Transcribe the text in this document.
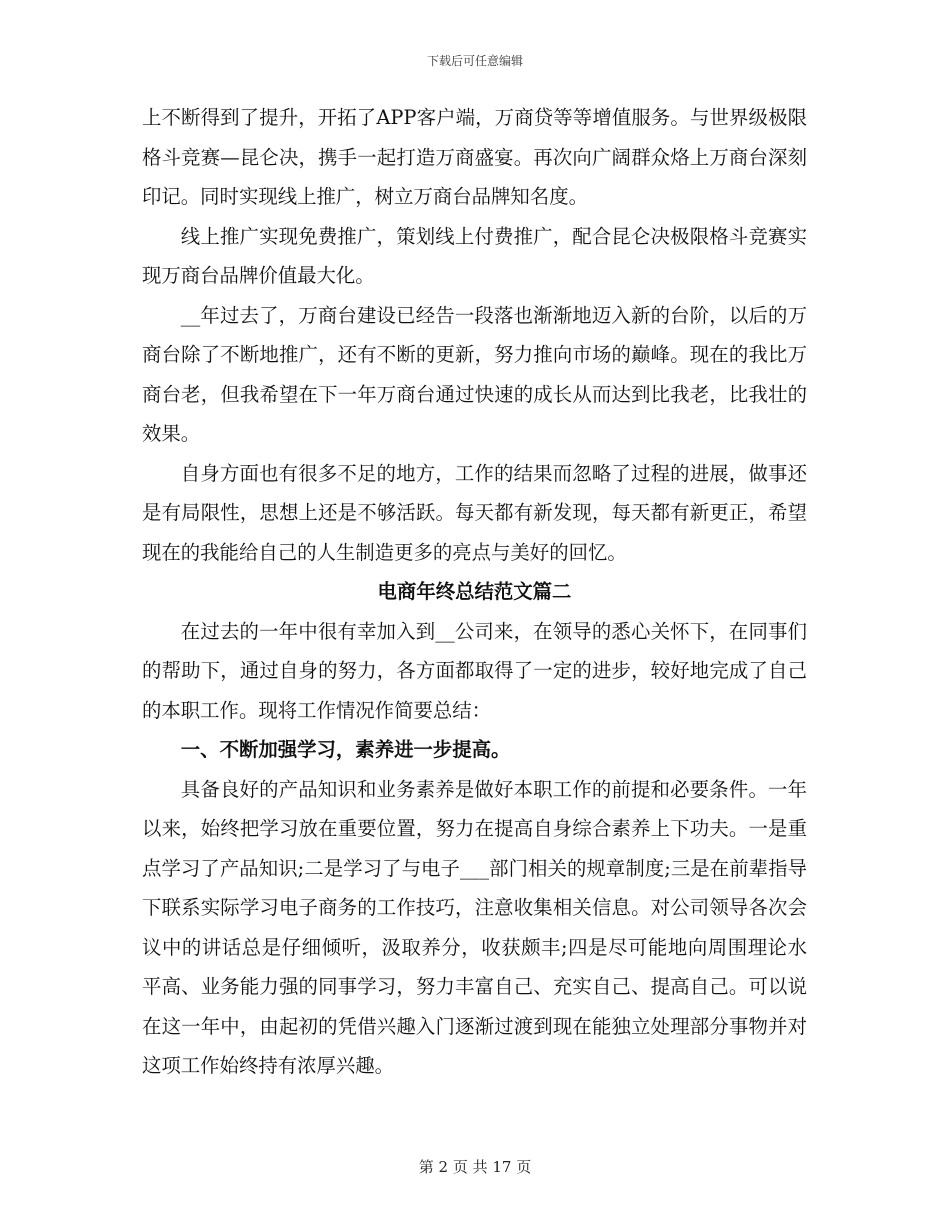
下载后可任意编辑

上不断得到了提升，开拓了APP客户端，万商贷等等增值服务。与世界级极限格斗竞赛—昆仑决，携手一起打造万商盛宴。再次向广阔群众烙上万商台深刻印记。同时实现线上推广，树立万商台品牌知名度。

线上推广实现免费推广，策划线上付费推广，配合昆仑决极限格斗竞赛实现万商台品牌价值最大化。

__年过去了，万商台建设已经告一段落也渐渐地迈入新的台阶，以后的万商台除了不断地推广，还有不断的更新，努力推向市场的巅峰。现在的我比万商台老，但我希望在下一年万商台通过快速的成长从而达到比我老，比我壮的效果。

自身方面也有很多不足的地方，工作的结果而忽略了过程的进展，做事还是有局限性，思想上还是不够活跃。每天都有新发现，每天都有新更正，希望现在的我能给自己的人生制造更多的亮点与美好的回忆。

电商年终总结范文篇二

在过去的一年中很有幸加入到__公司来，在领导的悉心关怀下，在同事们的帮助下，通过自身的努力，各方面都取得了一定的进步，较好地完成了自己的本职工作。现将工作情况作简要总结：

一、不断加强学习，素养进一步提高。

具备良好的产品知识和业务素养是做好本职工作的前提和必要条件。一年以来，始终把学习放在重要位置，努力在提高自身综合素养上下功夫。一是重点学习了产品知识;二是学习了与电子___部门相关的规章制度;三是在前辈指导下联系实际学习电子商务的工作技巧，注意收集相关信息。对公司领导各次会议中的讲话总是仔细倾听，汲取养分，收获颇丰;四是尽可能地向周围理论水平高、业务能力强的同事学习，努力丰富自己、充实自己、提高自己。可以说在这一年中，由起初的凭借兴趣入门逐渐过渡到现在能独立处理部分事物并对这项工作始终持有浓厚兴趣。

第 2 页 共 17 页
